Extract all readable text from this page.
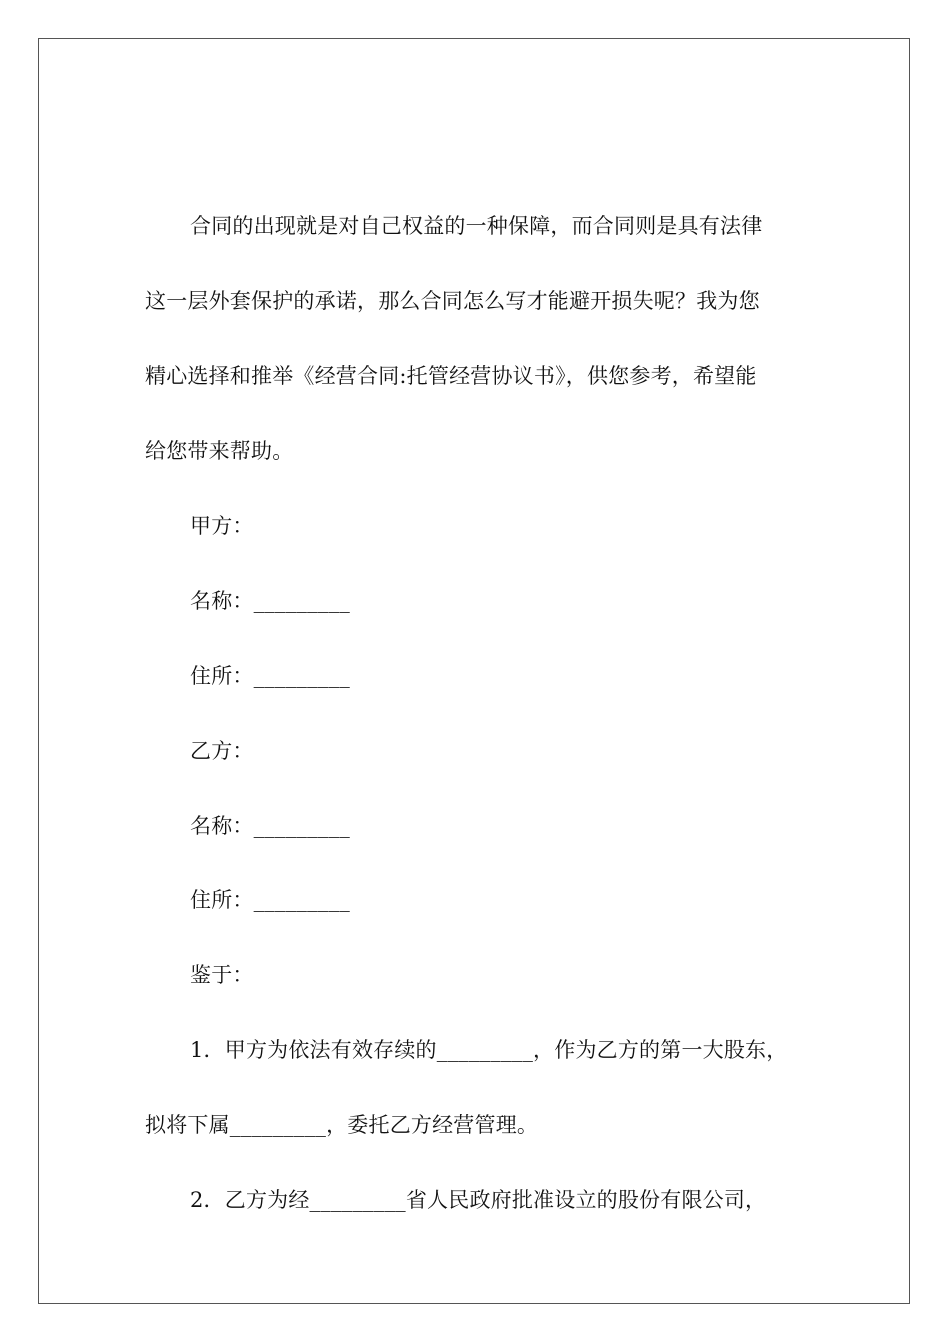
合同的出现就是对自己权益的一种保障，而合同则是具有法律
这一层外套保护的承诺，那么合同怎么写才能避开损失呢？我为您
精心选择和推举《经营合同:托管经营协议书》，供您参考，希望能
给您带来帮助。
甲方：
名称：_________
住所：_________
乙方：
名称：_________
住所：_________
鉴于：
1．甲方为依法有效存续的_________，作为乙方的第一大股东，
拟将下属_________，委托乙方经营管理。
2．乙方为经_________省人民政府批准设立的股份有限公司，
